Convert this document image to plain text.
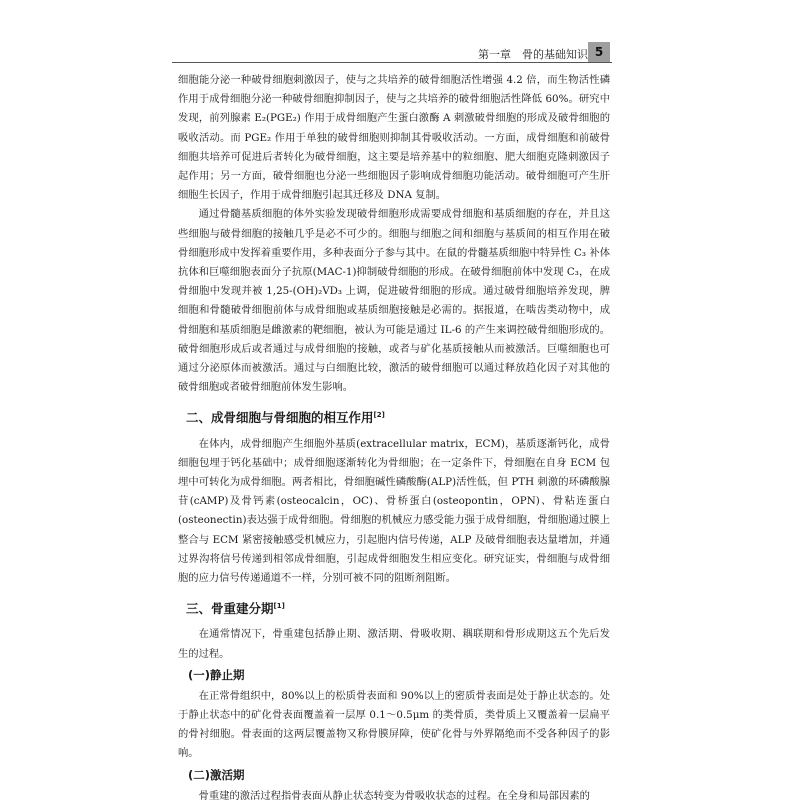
第一章　骨的基础知识 5

细胞能分泌一种破骨细胞刺激因子，使与之共培养的破骨细胞活性增强 4.2 倍，而生物活性磷作用于成骨细胞分泌一种破骨细胞抑制因子，使与之共培养的破骨细胞活性降低 60%。研究中发现，前列腺素 E₂(PGE₂) 作用于成骨细胞产生蛋白激酶 A 刺激破骨细胞的形成及破骨细胞的吸收活动。而 PGE₂ 作用于单独的破骨细胞则抑制其骨吸收活动。一方面，成骨细胞和前破骨细胞共培养可促进后者转化为破骨细胞，这主要是培养基中的粒细胞、肥大细胞克隆刺激因子起作用；另一方面，破骨细胞也分泌一些细胞因子影响成骨细胞功能活动。破骨细胞可产生肝细胞生长因子，作用于成骨细胞引起其迁移及 DNA 复制。

通过骨髓基质细胞的体外实验发现破骨细胞形成需要成骨细胞和基质细胞的存在，并且这些细胞与破骨细胞的接触几乎是必不可少的。细胞与细胞之间和细胞与基质间的相互作用在破骨细胞形成中发挥着重要作用，多种表面分子参与其中。在鼠的骨髓基质细胞中特异性 C₃ 补体抗体和巨噬细胞表面分子抗原(MAC-1)抑制破骨细胞的形成。在破骨细胞前体中发现 C₃，在成骨细胞中发现并被 1,25-(OH)₂VD₃ 上调，促进破骨细胞的形成。通过破骨细胞培养发现，脾细胞和骨髓破骨细胞前体与成骨细胞或基质细胞接触是必需的。据报道，在啮齿类动物中，成骨细胞和基质细胞是雌激素的靶细胞，被认为可能是通过 IL-6 的产生来调控破骨细胞形成的。破骨细胞形成后或者通过与成骨细胞的接触，或者与矿化基质接触从而被激活。巨噬细胞也可通过分泌原体而被激活。通过与白细胞比较，激活的破骨细胞可以通过释放趋化因子对其他的破骨细胞或者破骨细胞前体发生影响。

二、成骨细胞与骨细胞的相互作用[2]

在体内，成骨细胞产生细胞外基质(extracellular matrix，ECM)，基质逐渐钙化，成骨细胞包埋于钙化基础中；成骨细胞逐渐转化为骨细胞；在一定条件下，骨细胞在自身 ECM 包埋中可转化为成骨细胞。两者相比，骨细胞碱性磷酸酶(ALP)活性低，但 PTH 刺激的环磷酸腺苷(cAMP)及骨钙素(osteocalcin，OC)、骨桥蛋白(osteopontin，OPN)、骨粘连蛋白(osteonectin)表达强于成骨细胞。骨细胞的机械应力感受能力强于成骨细胞，骨细胞通过膜上整合与 ECM 紧密接触感受机械应力，引起胞内信号传递，ALP 及破骨细胞表达量增加，并通过界沟将信号传递到相邻成骨细胞，引起成骨细胞发生相应变化。研究证实，骨细胞与成骨细胞的应力信号传递通道不一样，分别可被不同的阻断剂阻断。

三、骨重建分期[1]

在通常情况下，骨重建包括静止期、激活期、骨吸收期、耦联期和骨形成期这五个先后发生的过程。

(一)静止期

在正常骨组织中，80%以上的松质骨表面和 90%以上的密质骨表面是处于静止状态的。处于静止状态中的矿化骨表面覆盖着一层厚 0.1～0.5μm 的类骨质，类骨质上又覆盖着一层扁平的骨衬细胞。骨表面的这两层覆盖物又称骨膜屏障，使矿化骨与外界隔绝而不受各种因子的影响。

(二)激活期

骨重建的激活过程指骨表面从静止状态转变为骨吸收状态的过程。在全身和局部因素的
